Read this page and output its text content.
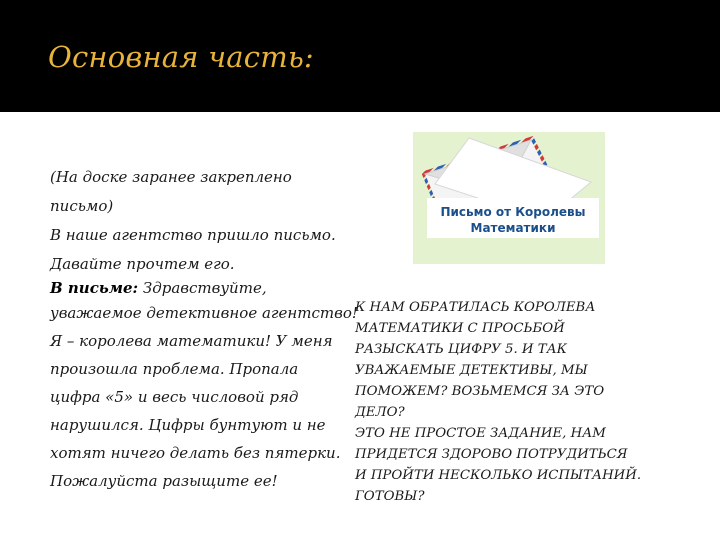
Основная часть:

(На доске заранее закреплено

письмо)

В наше агентство пришло письмо.

Давайте прочтем его.

В письме: Здравствуйте,

уважаемое детективное агентство!

Я – королева математики! У меня

произошла проблема. Пропала

цифра «5» и весь числовой ряд

нарушился. Цифры бунтуют и не

хотят ничего делать без пятерки.

Пожалуйста разыщите ее!

Письмо от Королевы
Математики

К НАМ ОБРАТИЛАСЬ КОРОЛЕВА

МАТЕМАТИКИ С ПРОСЬБОЙ

РАЗЫСКАТЬ ЦИФРУ 5. И ТАК

УВАЖАЕМЫЕ ДЕТЕКТИВЫ, МЫ

ПОМОЖЕМ? ВОЗЬМЕМСЯ ЗА ЭТО

ДЕЛО?

ЭТО НЕ ПРОСТОЕ ЗАДАНИЕ, НАМ

ПРИДЕТСЯ ЗДОРОВО ПОТРУДИТЬСЯ

И ПРОЙТИ НЕСКОЛЬКО ИСПЫТАНИЙ.

ГОТОВЫ?
